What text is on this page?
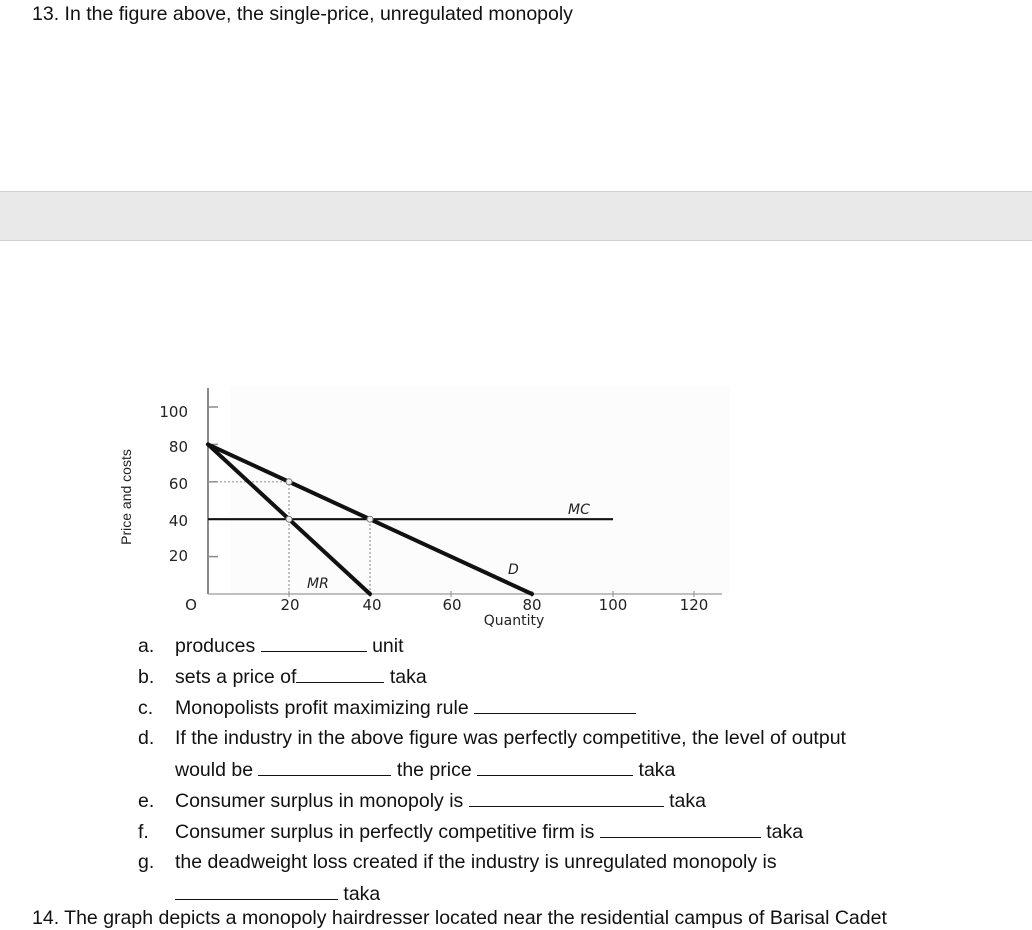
13. In the figure above, the single-price, unregulated monopoly
100
80
60
40
20
O	20	40	60	80	100	120
Quantity
Price and costs	MC
D
MR
a. produces	unit
b. sets a price of	taka
c. Monopolists profit maximizing rule
d. If the industry in the above figure was perfectly competitive, the level of output
would be	the price	taka
e. Consumer surplus in monopoly is	taka
f. Consumer surplus in perfectly competitive firm is	taka
g. the deadweight loss created if the industry is unregulated monopoly is
taka
14. The graph depicts a monopoly hairdresser located near the residential campus of Barisal Cadet
